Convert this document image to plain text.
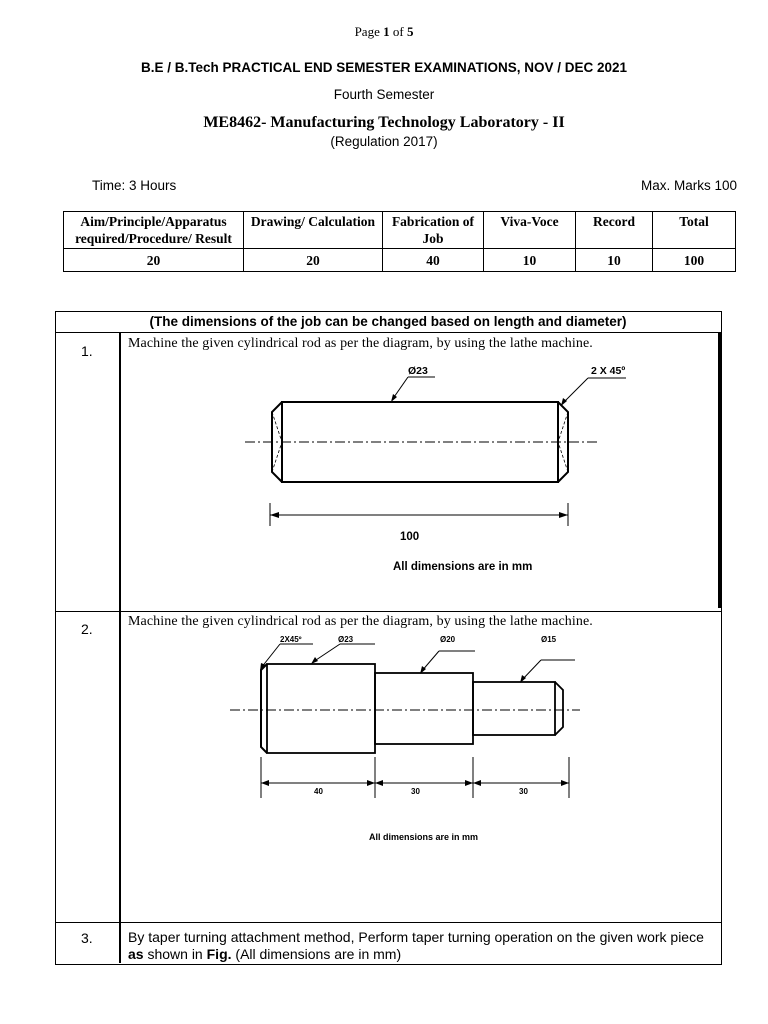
Page 1 of 5
B.E / B.Tech PRACTICAL END SEMESTER EXAMINATIONS, NOV / DEC 2021
Fourth Semester
ME8462- Manufacturing Technology Laboratory - II
(Regulation 2017)
Time: 3 Hours	Max. Marks 100
Aim/Principle/Apparatus required/Procedure/ Result	Drawing/ Calculation	Fabrication of Job	Viva-Voce	Record	Total
20	20	40	10	10	100
(The dimensions of the job can be changed based on length and diameter)
1.	Machine the given cylindrical rod as per the diagram, by using the lathe machine.
Ø23	2 X 45º
100
All dimensions are in mm
2.	Machine the given cylindrical rod as per the diagram, by using the lathe machine.
2X45º	Ø23	Ø20	Ø15
40	30	30
All dimensions are in mm
3.	By taper turning attachment method, Perform taper turning operation on the given work piece as shown in Fig. (All dimensions are in mm)
